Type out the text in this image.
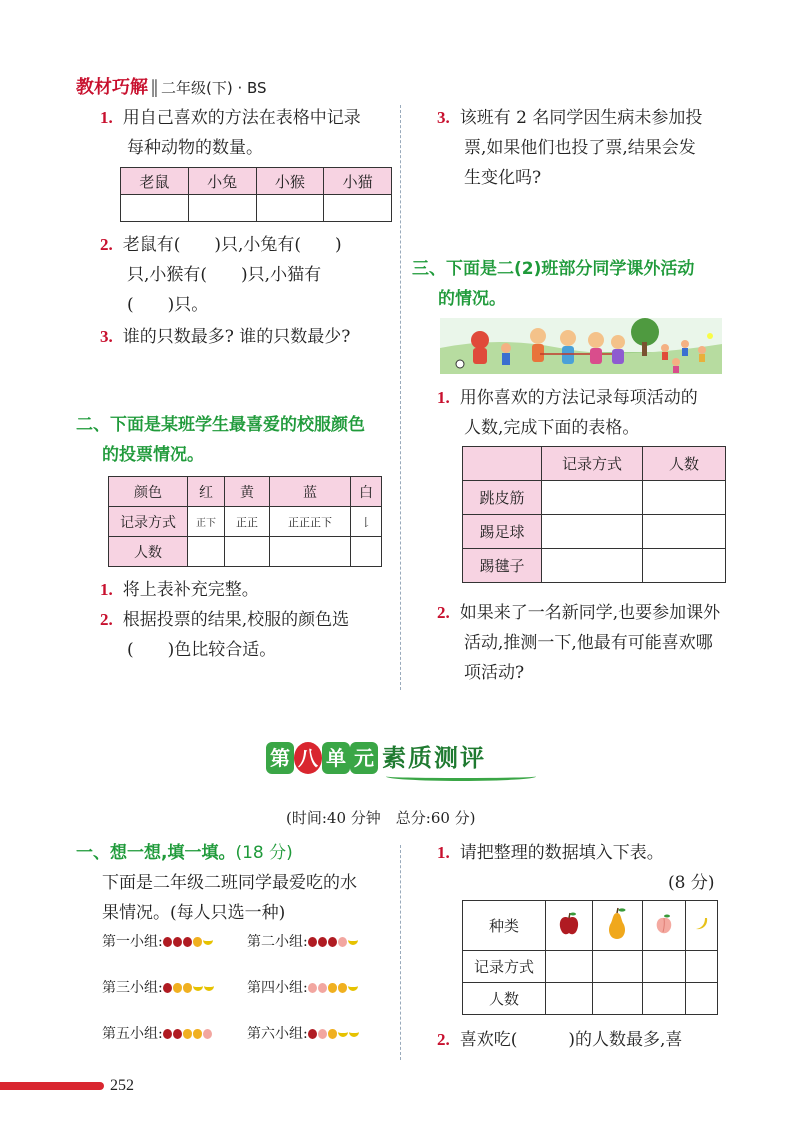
教材巧解 ‖ 二年级(下) · BS
1. 用自己喜欢的方法在表格中记录
每种动物的数量。
老鼠	小兔	小猴	小猫

2. 老鼠有(　　)只,小兔有(　　)
只,小猴有(　　)只,小猫有
(　　)只。
3. 谁的只数最多? 谁的只数最少?
二、下面是某班学生最喜爱的校服颜色
的投票情况。
颜色	红	黄	蓝	白
记录方式	正下	正正	正正正下	𠄌
人数				
1. 将上表补充完整。
2. 根据投票的结果,校服的颜色选
(　　)色比较合适。
3. 该班有 2 名同学因生病未参加投
票,如果他们也投了票,结果会发
生变化吗?
三、下面是二(2)班部分同学课外活动
的情况。
1. 用你喜欢的方法记录每项活动的
人数,完成下面的表格。
	记录方式	人数
跳皮筋		
踢足球		
踢毽子		
2. 如果来了一名新同学,也要参加课外
活动,推测一下,他最有可能喜欢哪
项活动?
第 八 单 元 素质测评
(时间:40 分钟　总分:60 分)
一、想一想,填一填。(18 分)
下面是二年级二班同学最爱吃的水
果情况。(每人只选一种)
第一小组:	第二小组:
第三小组:	第四小组:
第五小组:	第六小组:
1. 请把整理的数据填入下表。
(8 分)
种类				
记录方式				
人数				
2. 喜欢吃(　　　)的人数最多,喜
252
